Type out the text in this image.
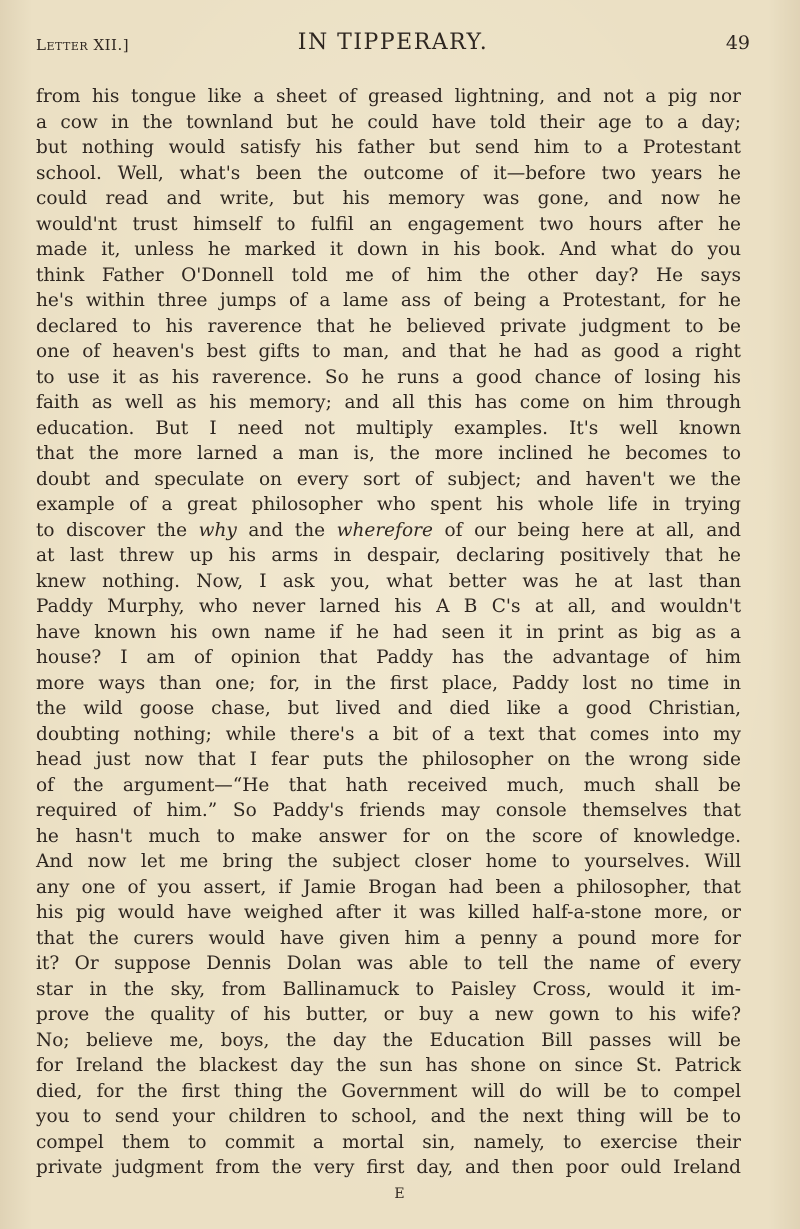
Letter XII.]	IN TIPPERARY.	49
from his tongue like a sheet of greased lightning, and not a pig nor
a cow in the townland but he could have told their age to a day;
but nothing would satisfy his father but send him to a Protestant
school. Well, what's been the outcome of it—before two years he
could read and write, but his memory was gone, and now he
would'nt trust himself to fulfil an engagement two hours after he
made it, unless he marked it down in his book. And what do you
think Father O'Donnell told me of him the other day? He says
he's within three jumps of a lame ass of being a Protestant, for he
declared to his raverence that he believed private judgment to be
one of heaven's best gifts to man, and that he had as good a right
to use it as his raverence. So he runs a good chance of losing his
faith as well as his memory; and all this has come on him through
education. But I need not multiply examples. It's well known
that the more larned a man is, the more inclined he becomes to
doubt and speculate on every sort of subject; and haven't we the
example of a great philosopher who spent his whole life in trying
to discover the why and the wherefore of our being here at all, and
at last threw up his arms in despair, declaring positively that he
knew nothing. Now, I ask you, what better was he at last than
Paddy Murphy, who never larned his A B C's at all, and wouldn't
have known his own name if he had seen it in print as big as a
house? I am of opinion that Paddy has the advantage of him
more ways than one; for, in the first place, Paddy lost no time in
the wild goose chase, but lived and died like a good Christian,
doubting nothing; while there's a bit of a text that comes into my
head just now that I fear puts the philosopher on the wrong side
of the argument—“He that hath received much, much shall be
required of him.” So Paddy's friends may console themselves that
he hasn't much to make answer for on the score of knowledge.
And now let me bring the subject closer home to yourselves. Will
any one of you assert, if Jamie Brogan had been a philosopher, that
his pig would have weighed after it was killed half-a-stone more, or
that the curers would have given him a penny a pound more for
it? Or suppose Dennis Dolan was able to tell the name of every
star in the sky, from Ballinamuck to Paisley Cross, would it im-
prove the quality of his butter, or buy a new gown to his wife?
No; believe me, boys, the day the Education Bill passes will be
for Ireland the blackest day the sun has shone on since St. Patrick
died, for the first thing the Government will do will be to compel
you to send your children to school, and the next thing will be to
compel them to commit a mortal sin, namely, to exercise their
private judgment from the very first day, and then poor ould Ireland
E
